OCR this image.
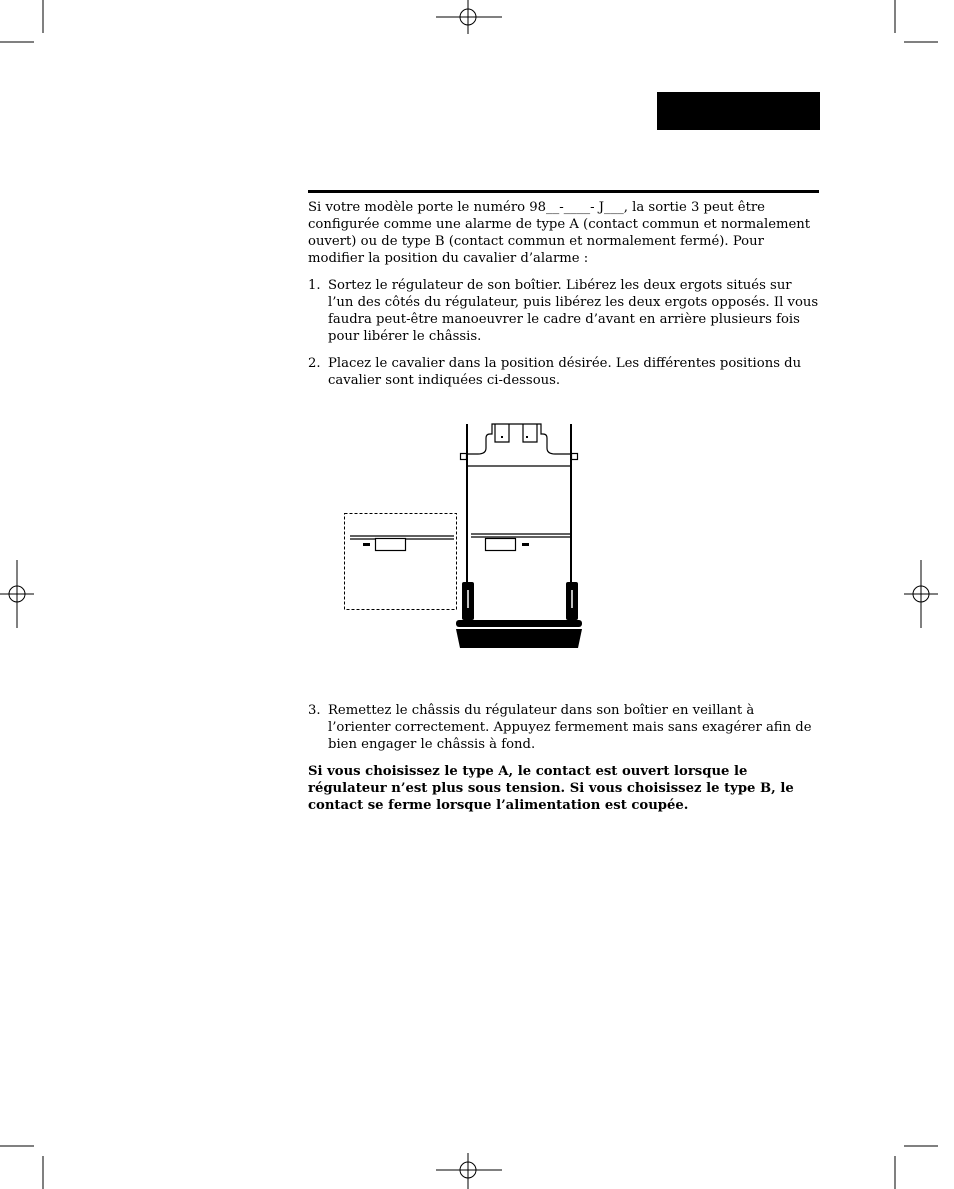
Si votre modèle porte le numéro 98__-____- J___, la sortie 3 peut être configurée comme une alarme de type A (contact commun et normalement ouvert) ou de type B (contact commun et normalement fermé). Pour modifier la position du cavalier d’alarme :

1. Sortez le régulateur de son boîtier. Libérez les deux ergots situés sur l’un des côtés du régulateur, puis libérez les deux ergots opposés. Il vous faudra peut-être manoeuvrer le cadre d’avant en arrière plusieurs fois pour libérer le châssis.
2. Placez le cavalier dans la position désirée. Les différentes positions du cavalier sont indiquées ci-dessous.
3. Remettez le châssis du régulateur dans son boîtier en veillant à l’orienter correctement. Appuyez fermement mais sans exagérer afin de bien engager le châssis à fond.

Si vous choisissez le type A, le contact est ouvert lorsque le régulateur n’est plus sous tension. Si vous choisissez le type B, le contact se ferme lorsque l’alimentation est coupée.
